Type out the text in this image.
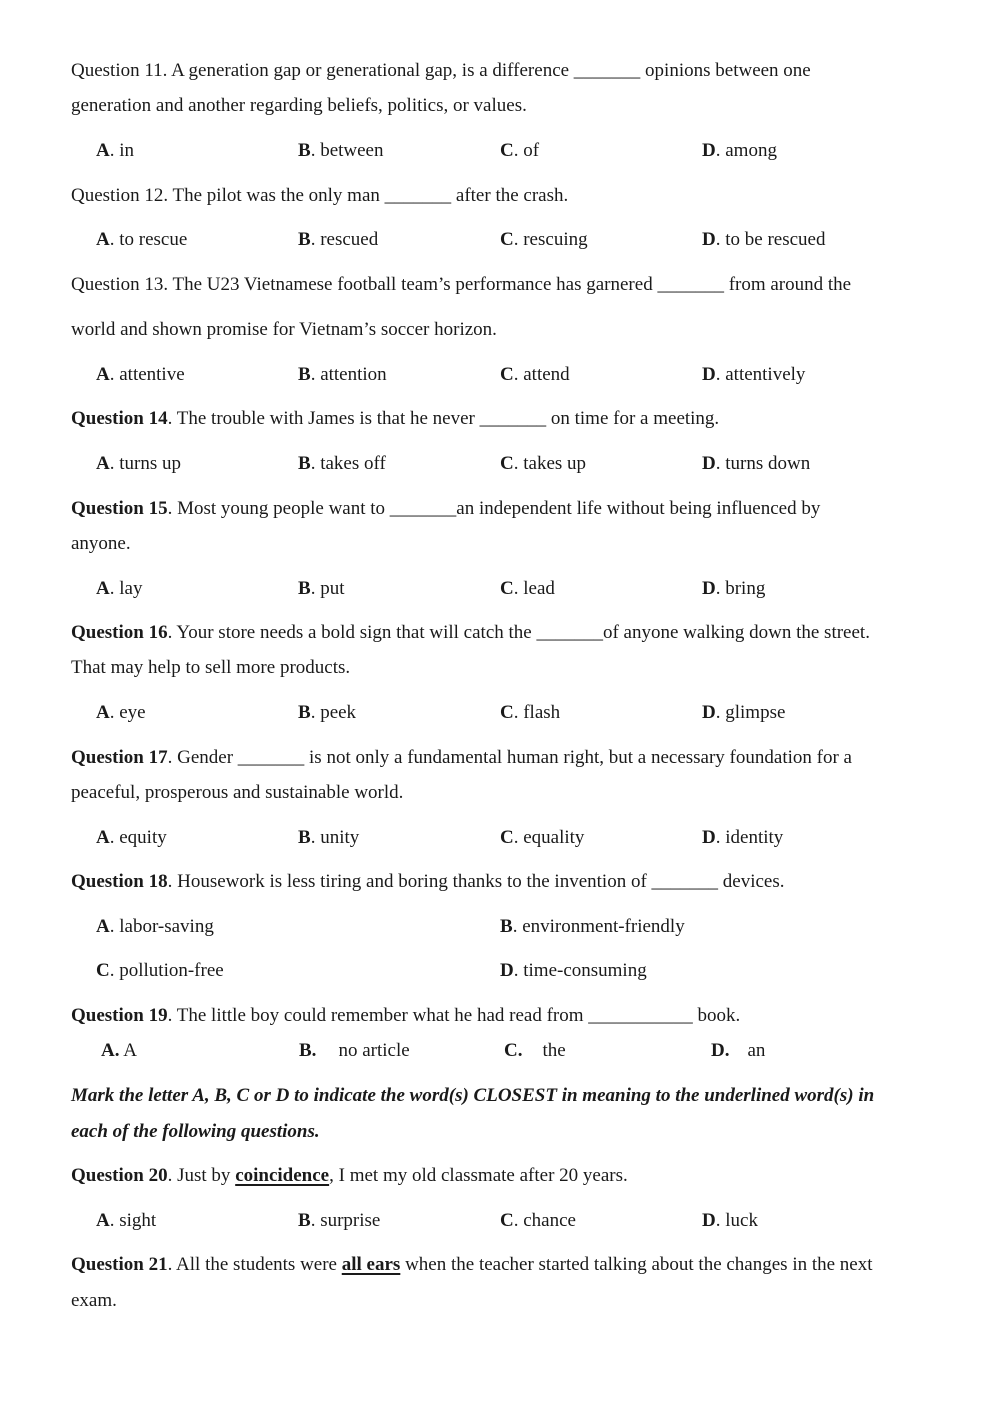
Question 11. A generation gap or generational gap, is a difference _______ opinions between one
generation and another regarding beliefs, politics, or values.
A. in	B. between	C. of	D. among
Question 12. The pilot was the only man _______ after the crash.
A. to rescue	B. rescued	C. rescuing	D. to be rescued
Question 13. The U23 Vietnamese football team’s performance has garnered _______ from around the
world and shown promise for Vietnam’s soccer horizon.
A. attentive	B. attention	C. attend	D. attentively
Question 14. The trouble with James is that he never _______ on time for a meeting.
A. turns up	B. takes off	C. takes up	D. turns down
Question 15. Most young people want to _______an independent life without being influenced by
anyone.
A. lay	B. put	C. lead	D. bring
Question 16. Your store needs a bold sign that will catch the _______of anyone walking down the street.
That may help to sell more products.
A. eye	B. peek	C. flash	D. glimpse
Question 17. Gender _______ is not only a fundamental human right, but a necessary foundation for a
peaceful, prosperous and sustainable world.
A. equity	B. unity	C. equality	D. identity
Question 18. Housework is less tiring and boring thanks to the invention of _______ devices.
A. labor-saving	B. environment-friendly
C. pollution-free	D. time-consuming
Question 19. The little boy could remember what he had read from ___________ book.
A. A	B. no article	C. the	D. an
Mark the letter A, B, C or D to indicate the word(s) CLOSEST in meaning to the underlined word(s) in
each of the following questions.
Question 20. Just by coincidence, I met my old classmate after 20 years.
A. sight	B. surprise	C. chance	D. luck
Question 21. All the students were all ears when the teacher started talking about the changes in the next
exam.
